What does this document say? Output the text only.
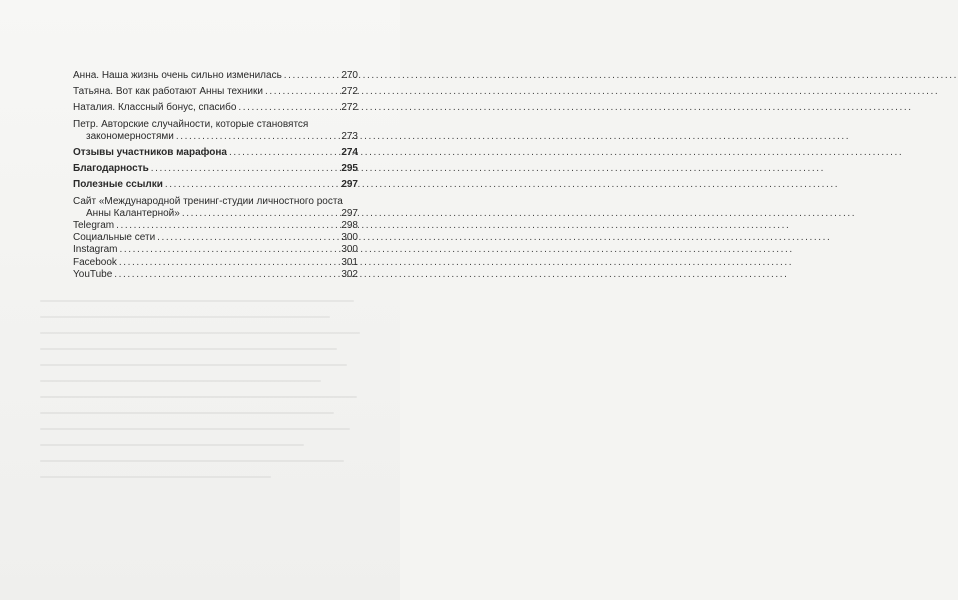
Анна. Наша жизнь очень сильно изменилась .....	270
Татьяна. Вот как работают Анны техники .....	272
Наталия. Классный бонус, спасибо .....	272
Петр. Авторские случайности, которые становятся
закономерностями .....	273
Отзывы участников марафона .....	274
Благодарность .....	295
Полезные ссылки .....	297
Сайт «Международной тренинг-студии личностного роста
Анны Калантерной» .....	297
Telegram .....	298
Социальные сети .....	300
Instagram .....	300
Facebook .....	301
YouTube .....	302
